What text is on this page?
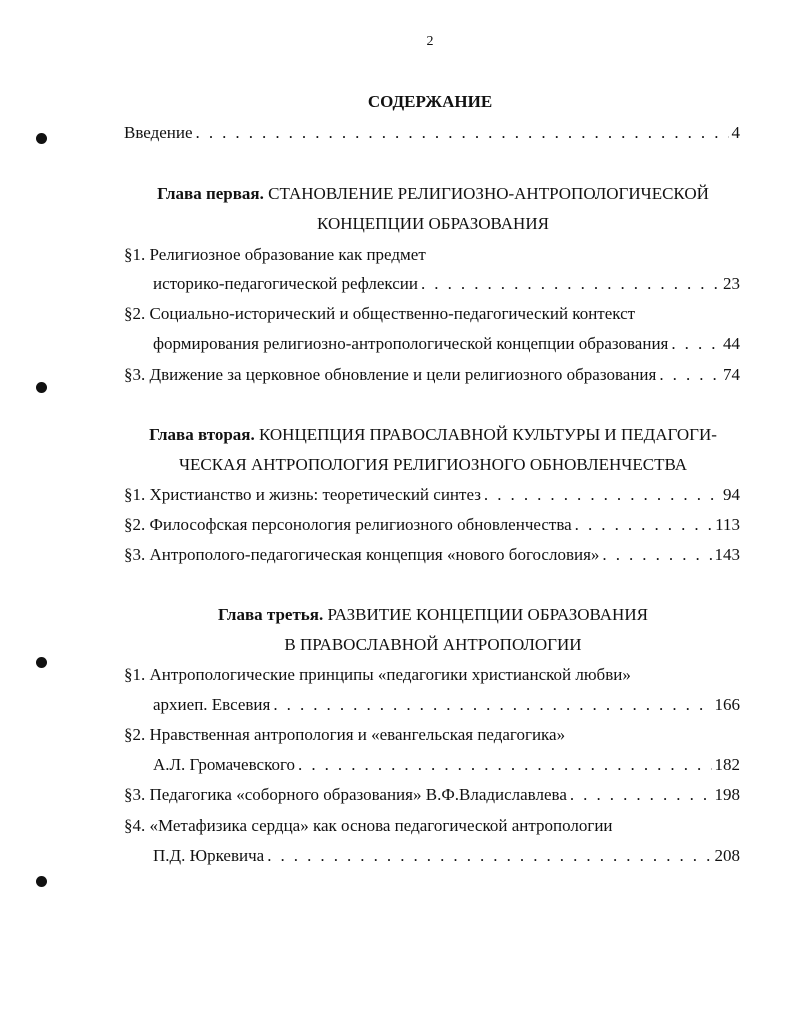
2
СОДЕРЖАНИЕ
Введение . . .	4
Глава первая. СТАНОВЛЕНИЕ РЕЛИГИОЗНО-АНТРОПОЛОГИЧЕСКОЙ
КОНЦЕПЦИИ ОБРАЗОВАНИЯ
§1. Религиозное образование как предмет
историко-педагогической рефлексии . . .	23
§2. Социально-исторический и общественно-педагогический контекст
формирования религиозно-антропологической концепции образования . . .	44
§3. Движение за церковное обновление и цели религиозного образования . . .	74
Глава вторая. КОНЦЕПЦИЯ ПРАВОСЛАВНОЙ КУЛЬТУРЫ И ПЕДАГОГИ-
ЧЕСКАЯ АНТРОПОЛОГИЯ РЕЛИГИОЗНОГО ОБНОВЛЕНЧЕСТВА
§1. Христианство и жизнь: теоретический синтез . . .	94
§2. Философская персонология религиозного обновленчества . . .	113
§3. Антрополого-педагогическая концепция «нового богословия» . . .	143
Глава третья. РАЗВИТИЕ КОНЦЕПЦИИ ОБРАЗОВАНИЯ
В ПРАВОСЛАВНОЙ АНТРОПОЛОГИИ
§1. Антропологические принципы «педагогики христианской любви»
архиеп. Евсевия . . .	166
§2. Нравственная антропология и «евангельская педагогика»
А.Л. Громачевского . . .	182
§3. Педагогика «соборного образования» В.Ф.Владиславлева . . .	198
§4. «Метафизика сердца» как основа педагогической антропологии
П.Д. Юркевича . . .	208
